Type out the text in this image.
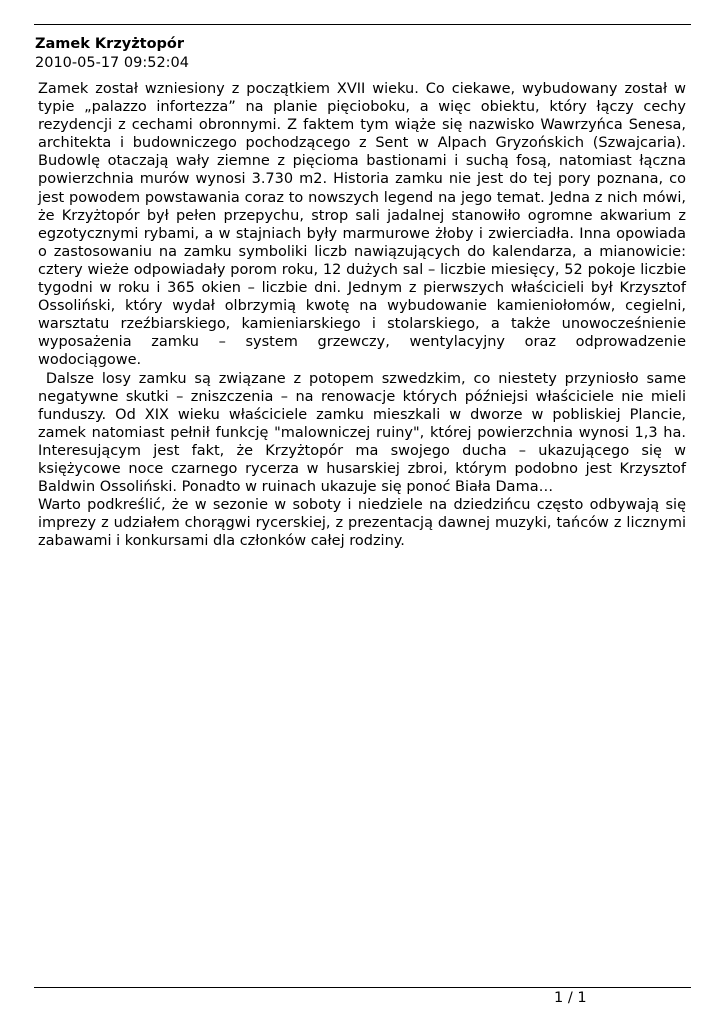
Zamek Krzyżtopór
2010-05-17 09:52:04
Zamek został wzniesiony z początkiem XVII wieku. Co ciekawe, wybudowany został w
typie „palazzo infortezza” na planie pięcioboku, a więc obiektu, który łączy cechy
rezydencji z cechami obronnymi. Z faktem tym wiąże się nazwisko Wawrzyńca Senesa,
architekta i budowniczego pochodzącego z Sent w Alpach Gryzońskich (Szwajcaria).
Budowlę otaczają wały ziemne z pięcioma bastionami i suchą fosą, natomiast łączna
powierzchnia murów wynosi 3.730 m2. Historia zamku nie jest do tej pory poznana, co
jest powodem powstawania coraz to nowszych legend na jego temat. Jedna z nich mówi,
że Krzyżtopór był pełen przepychu, strop sali jadalnej stanowiło ogromne akwarium z
egzotycznymi rybami, a w stajniach były marmurowe żłoby i zwierciadła. Inna opowiada
o zastosowaniu na zamku symboliki liczb nawiązujących do kalendarza, a mianowicie:
cztery wieże odpowiadały porom roku, 12 dużych sal – liczbie miesięcy, 52 pokoje liczbie
tygodni w roku i 365 okien – liczbie dni. Jednym z pierwszych właścicieli był Krzysztof
Ossoliński, który wydał olbrzymią kwotę na wybudowanie kamieniołomów, cegielni,
warsztatu rzeźbiarskiego, kamieniarskiego i stolarskiego, a także unowocześnienie
wyposażenia zamku – system grzewczy, wentylacyjny oraz odprowadzenie
wodociągowe.
Dalsze losy zamku są związane z potopem szwedzkim, co niestety przyniosło same
negatywne skutki – zniszczenia – na renowacje których późniejsi właściciele nie mieli
funduszy. Od XIX wieku właściciele zamku mieszkali w dworze w pobliskiej Plancie,
zamek natomiast pełnił funkcję "malowniczej ruiny", której powierzchnia wynosi 1,3 ha.
Interesującym jest fakt, że Krzyżtopór ma swojego ducha – ukazującego się w
księżycowe noce czarnego rycerza w husarskiej zbroi, którym podobno jest Krzysztof
Baldwin Ossoliński. Ponadto w ruinach ukazuje się ponoć Biała Dama…
Warto podkreślić, że w sezonie w soboty i niedziele na dziedzińcu często odbywają się
imprezy z udziałem chorągwi rycerskiej, z prezentacją dawnej muzyki, tańców z licznymi
zabawami i konkursami dla członków całej rodziny.
1 / 1
